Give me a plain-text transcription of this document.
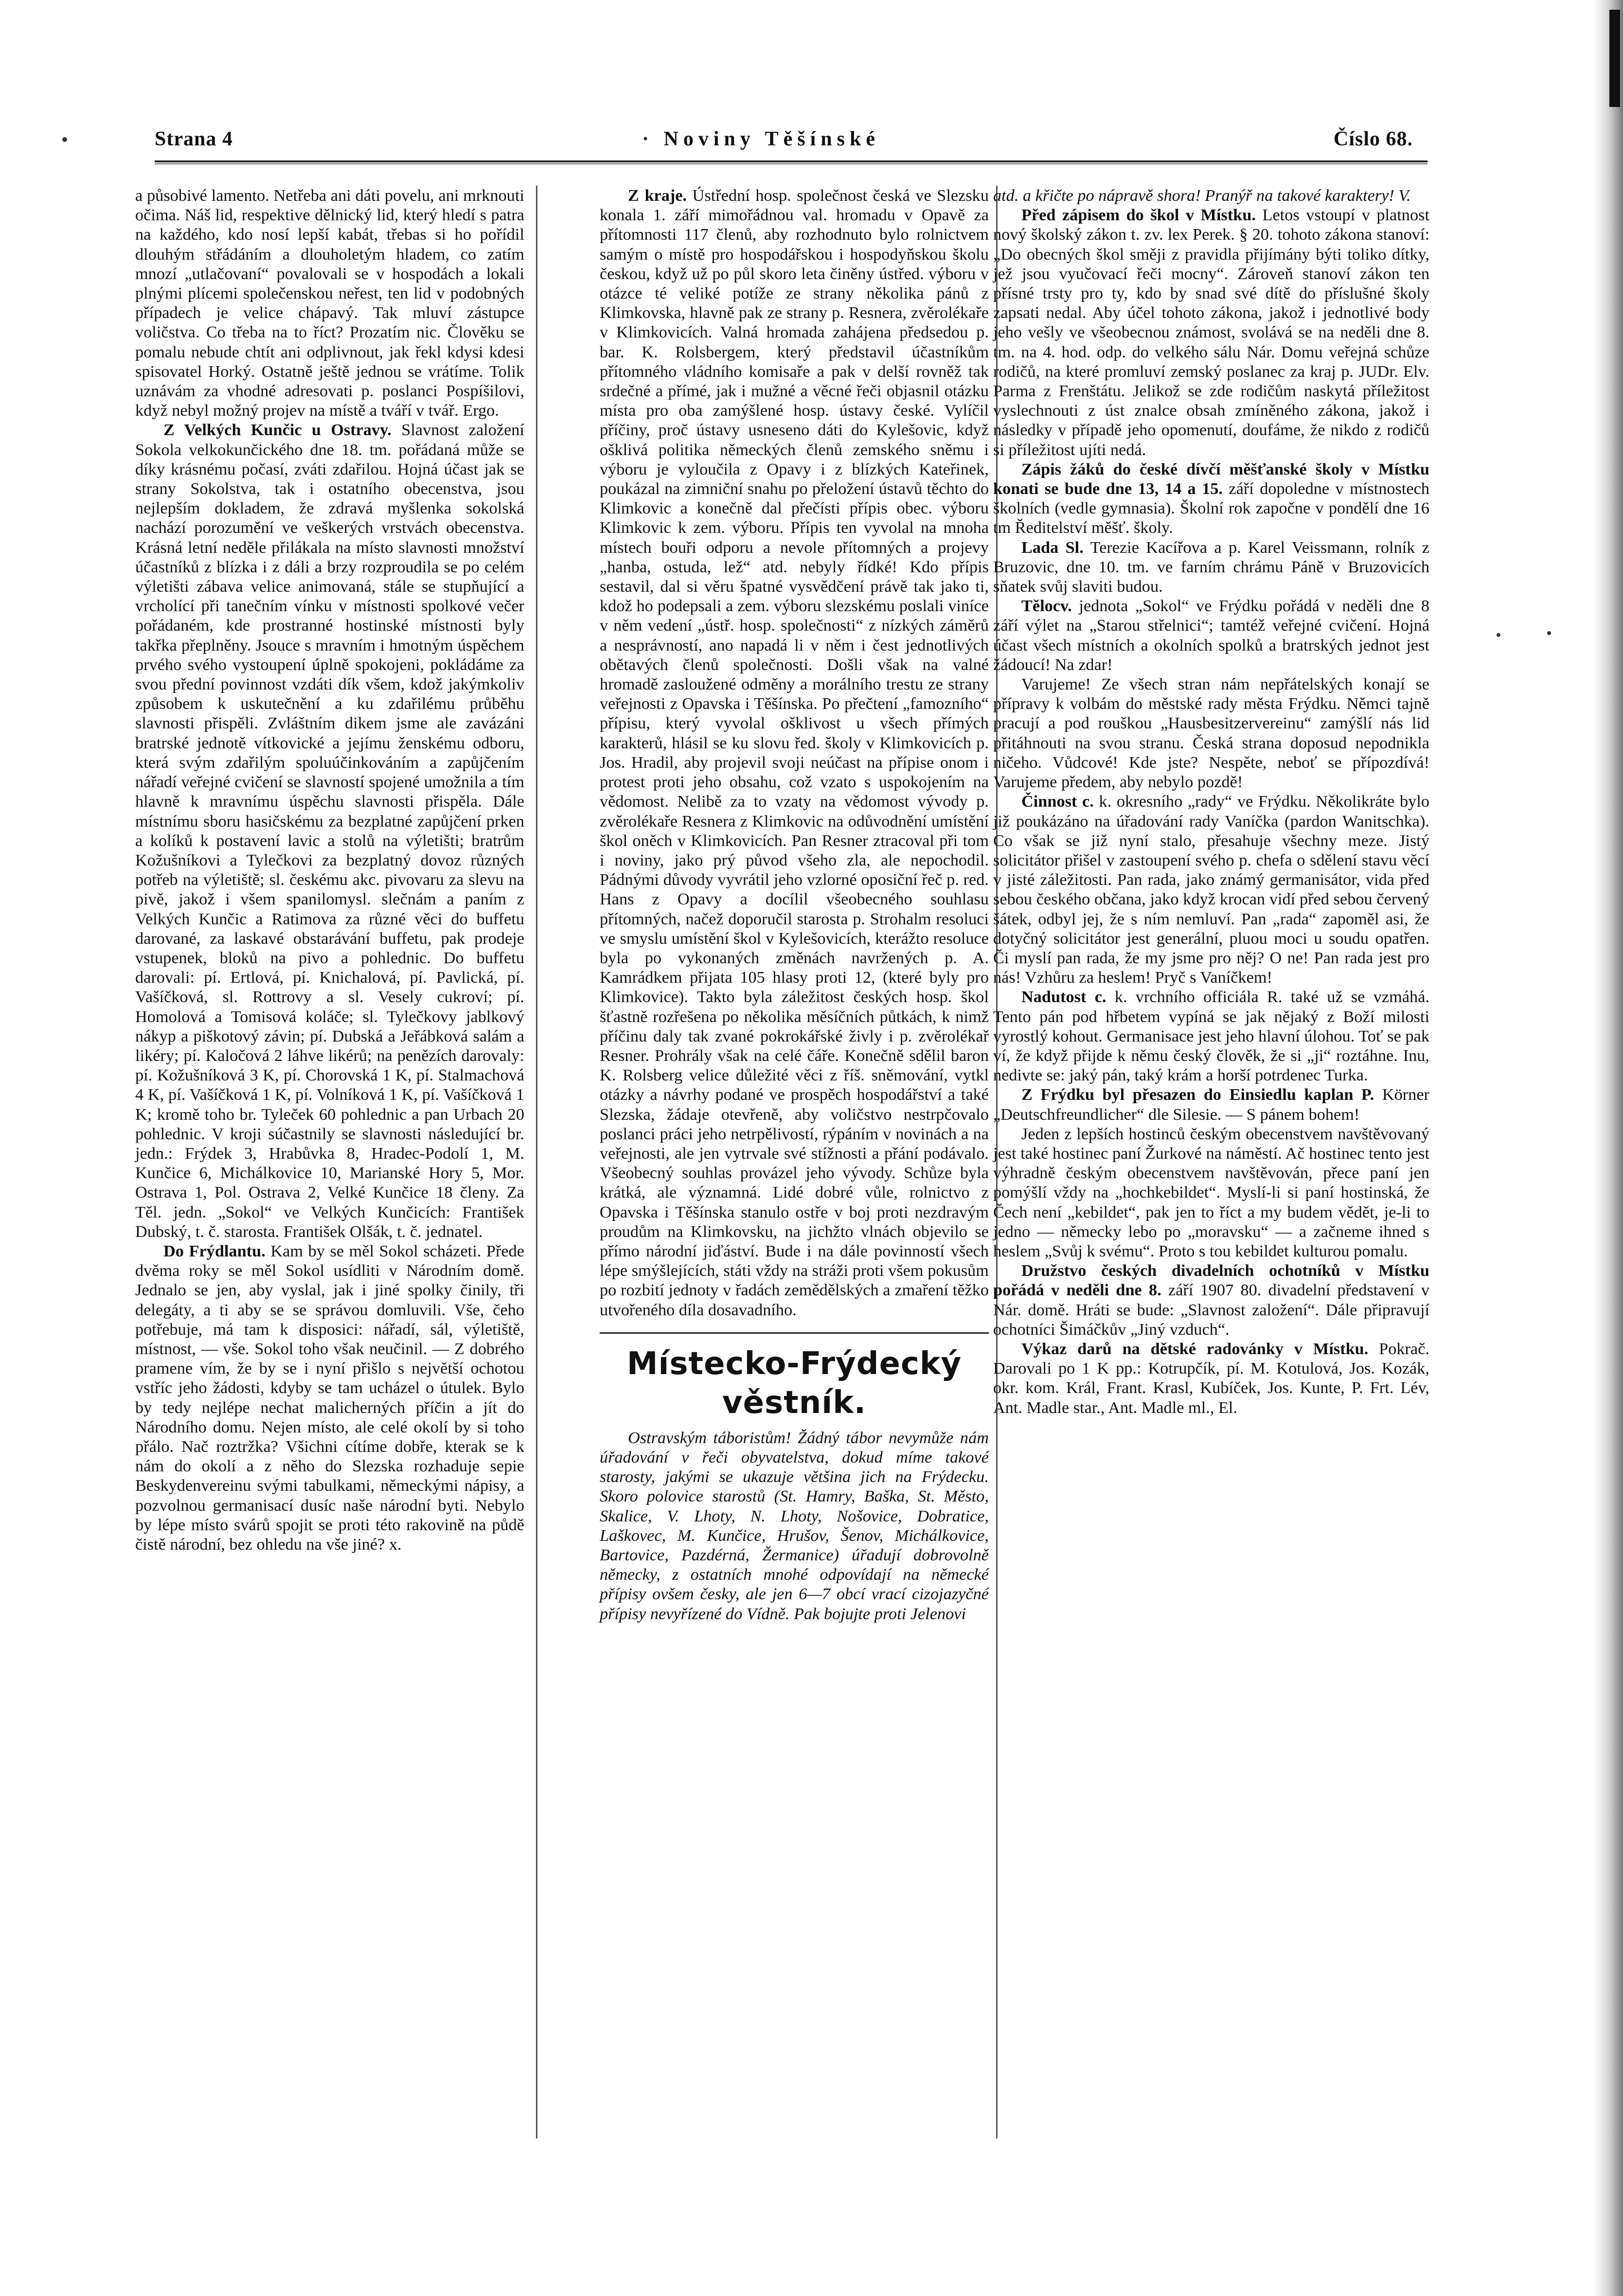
Strana 4	· Noviny Těšínské	Číslo 68.

a působivé lamento. Netřeba ani dáti povelu, ani mrknouti očima. Náš lid, respektive dělnický lid, který hledí s patra na každého, kdo nosí lepší kabát, třebas si ho pořídil dlouhým střádáním a dlouholetým hladem, co zatím mnozí „utlačovaní“ povalovali se v hospodách a lokali plnými plícemi společenskou neřest, ten lid v podobných případech je velice chápavý. Tak mluví zástupce voličstva. Co třeba na to říct? Prozatím nic. Člověku se pomalu nebude chtít ani odplivnout, jak řekl kdysi kdesi spisovatel Horký. Ostatně ještě jednou se vrátíme. Tolik uznávám za vhodné adresovati p. poslanci Pospíšilovi, když nebyl možný projev na místě a tváří v tvář. Ergo.

Z Velkých Kunčic u Ostravy. Slavnost založení Sokola velkokunčického dne 18. tm. pořádaná může se díky krásnému počasí, zváti zdařilou. Hojná účast jak se strany Sokolstva, tak i ostatního obecenstva, jsou nejlepším dokladem, že zdravá myšlenka sokolská nachází porozumění ve veškerých vrstvách obecenstva. Krásná letní neděle přilákala na místo slavnosti množství účastníků z blízka i z dáli a brzy rozproudila se po celém výletišti zábava velice animovaná, stále se stupňující a vrcholící při tanečním vínku v místnosti spolkové večer pořádaném, kde prostranné hostinské místnosti byly takřka přeplněny. Jsouce s mravním i hmotným úspěchem prvého svého vystoupení úplně spokojeni, pokládáme za svou přední povinnost vzdáti dík všem, kdož jakýmkoliv způsobem k uskutečnění a ku zdařilému průběhu slavnosti přispěli. Zvláštním dikem jsme ale zavázáni bratrské jednotě vítkovické a jejímu ženskému odboru, která svým zdařilým spoluúčinkováním a zapůjčením nářadí veřejné cvičení se slavností spojené umožnila a tím hlavně k mravnímu úspěchu slavnosti přispěla. Dále místnímu sboru hasičskému za bezplatné zapůjčení prken a kolíků k postavení lavic a stolů na výletišti; bratrům Kožušníkovi a Tylečkovi za bezplatný dovoz různých potřeb na výletiště; sl. českému akc. pivovaru za slevu na pivě, jakož i všem spanilomysl. slečnám a paním z Velkých Kunčic a Ratimova za různé věci do buffetu darované, za laskavé obstarávání buffetu, pak prodeje vstupenek, bloků na pivo a pohlednic. Do buffetu darovali: pí. Ertlová, pí. Knichalová, pí. Pavlická, pí. Vašíčková, sl. Rottrovy a sl. Vesely cukroví; pí. Homolová a Tomisová koláče; sl. Tylečkovy jablkový nákyp a piškotový závin; pí. Dubská a Jeřábková salám a likéry; pí. Kaločová 2 láhve likérů; na penězích darovaly: pí. Kožušníková 3 K, pí. Chorovská 1 K, pí. Stalmachová 4 K, pí. Vašíčková 1 K, pí. Volníková 1 K, pí. Vašíčková 1 K; kromě toho br. Tyleček 60 pohlednic a pan Urbach 20 pohlednic. V kroji súčastnily se slavnosti následující br. jedn.: Frýdek 3, Hrabůvka 8, Hradec-Podolí 1, M. Kunčice 6, Michálkovice 10, Marianské Hory 5, Mor. Ostrava 1, Pol. Ostrava 2, Velké Kunčice 18 členy. Za Těl. jedn. „Sokol“ ve Velkých Kunčicích: František Dubský, t. č. starosta. František Olšák, t. č. jednatel.

Do Frýdlantu. Kam by se měl Sokol scházeti. Přede dvěma roky se měl Sokol usídliti v Národním domě. Jednalo se jen, aby vyslal, jak i jiné spolky činily, tři delegáty, a ti aby se se správou domluvili. Vše, čeho potřebuje, má tam k disposici: nářadí, sál, výletiště, místnost, — vše. Sokol toho však neučinil. — Z dobrého pramene vím, že by se i nyní přišlo s největší ochotou vstříc jeho žádosti, kdyby se tam ucházel o útulek. Bylo by tedy nejlépe nechat malicherných příčin a jít do Národního domu. Nejen místo, ale celé okolí by si toho přálo. Nač roztržka? Všichni cítíme dobře, kterak se k nám do okolí a z něho do Slezska rozhaduje sepie Beskydenvereinu svými tabulkami, německými nápisy, a pozvolnou germanisací dusíc naše národní byti. Nebylo by lépe místo svárů spojit se proti této rakovině na půdě čistě národní, bez ohledu na vše jiné? x.

Z kraje. Ústřední hosp. společnost česká ve Slezsku konala 1. září mimořádnou val. hromadu v Opavě za přítomnosti 117 členů, aby rozhodnuto bylo rolnictvem samým o místě pro hospodářskou i hospodyňskou školu českou, když už po půl skoro leta činěny ústřed. výboru v otázce té veliké potíže ze strany několika pánů z Klimkovska, hlavně pak ze strany p. Resnera, zvěrolékaře v Klimkovicích. Valná hromada zahájena předsedou p. bar. K. Rolsbergem, který představil účastníkům přítomného vládního komisaře a pak v delší rovněž tak srdečné a přímé, jak i mužné a věcné řeči objasnil otázku místa pro oba zamýšlené hosp. ústavy české. Vylíčil příčiny, proč ústavy usneseno dáti do Kylešovic, když ošklivá politika německých členů zemského sněmu i výboru je vyloučila z Opavy i z blízkých Kateřinek, poukázal na zimniční snahu po přeložení ústavů těchto do Klimkovic a konečně dal přečísti přípis obec. výboru Klimkovic k zem. výboru. Přípis ten vyvolal na mnoha místech bouři odporu a nevole přítomných a projevy „hanba, ostuda, lež“ atd. nebyly řídké! Kdo přípis sestavil, dal si věru špatné vysvědčení právě tak jako ti, kdož ho podepsali a zem. výboru slezskému poslali viníce v něm vedení „ústř. hosp. společnosti“ z nízkých záměrů a nesprávností, ano napadá li v něm i čest jednotlivých obětavých členů společnosti. Došli však na valné hromadě zasloužené odměny a morálního trestu ze strany veřejnosti z Opavska i Těšínska. Po přečtení „famozního“ přípisu, který vyvolal ošklivost u všech přímých karakterů, hlásil se ku slovu řed. školy v Klimkovicích p. Jos. Hradil, aby projevil svoji neúčast na přípise onom i protest proti jeho obsahu, což vzato s uspokojením na vědomost. Nelibě za to vzaty na vědomost vývody p. zvěrolékaře Resnera z Klimkovic na odůvodnění umístění škol oněch v Klimkovicích. Pan Resner ztracoval při tom i noviny, jako prý původ všeho zla, ale nepochodil. Pádnými důvody vyvrátil jeho vzlorné oposiční řeč p. red. Hans z Opavy a docílil všeobecného souhlasu přítomných, načež doporučil starosta p. Strohalm resoluci ve smyslu umístění škol v Kylešovicích, kterážto resoluce byla po vykonaných změnách navržených p. A. Kamrádkem přijata 105 hlasy proti 12, (které byly pro Klimkovice). Takto byla záležitost českých hosp. škol šťastně rozřešena po několika měsíčních půtkách, k nimž příčinu daly tak zvané pokrokářské živly i p. zvěrolékař Resner. Prohrály však na celé čáře. Konečně sdělil baron K. Rolsberg velice důležité věci z říš. sněmování, vytkl otázky a návrhy podané ve prospěch hospodářství a také Slezska, žádaje otevřeně, aby voličstvo nestrpčovalo poslanci práci jeho netrpělivostí, rýpáním v novinách a na veřejnosti, ale jen vytrvale své stížnosti a přání podávalo. Všeobecný souhlas provázel jeho vývody. Schůze byla krátká, ale významná. Lidé dobré vůle, rolnictvo z Opavska i Těšínska stanulo ostře v boj proti nezdravým proudům na Klimkovsku, na jichžto vlnách objevilo se přímo národní jiďáství. Bude i na dále povinností všech lépe smýšlejících, státi vždy na stráži proti všem pokusům po rozbití jednoty v řadách zemědělských a zmaření těžko utvořeného díla dosavadního.

Místecko-Frýdecký věstník.

Ostravským táboristům! Žádný tábor nevymůže nám úřadování v řeči obyvatelstva, dokud míme takové starosty, jakými se ukazuje většina jich na Frýdecku. Skoro polovice starostů (St. Hamry, Baška, St. Město, Skalice, V. Lhoty, N. Lhoty, Nošovice, Dobratice, Laškovec, M. Kunčice, Hrušov, Šenov, Michálkovice, Bartovice, Pazdérná, Žermanice) úřadují dobrovolně německy, z ostatních mnohé odpovídají na německé přípisy ovšem česky, ale jen 6—7 obcí vrací cizojazyčné přípisy nevyřízené do Vídně. Pak bojujte proti Jelenovi

atd. a křičte po nápravě shora! Pranýř na takové karaktery! V.

Před zápisem do škol v Místku. Letos vstoupí v platnost nový školský zákon t. zv. lex Perek. § 20. tohoto zákona stanoví: „Do obecných škol směji z pravidla přijímány býti toliko dítky, jež jsou vyučovací řeči mocny“. Zároveň stanoví zákon ten přísné trsty pro ty, kdo by snad své dítě do příslušné školy zapsati nedal. Aby účel tohoto zákona, jakož i jednotlivé body jeho vešly ve všeobecnou známost, svolává se na neděli dne 8. tm. na 4. hod. odp. do velkého sálu Nár. Domu veřejná schůze rodičů, na které promluví zemský poslanec za kraj p. JUDr. Elv. Parma z Frenštátu. Jelikož se zde rodičům naskytá příležitost vyslechnouti z úst znalce obsah zmíněného zákona, jakož i následky v případě jeho opomenutí, doufáme, že nikdo z rodičů si příležitost ujíti nedá.

Zápis žáků do české dívčí měšťanské školy v Místku konati se bude dne 13, 14 a 15. září dopoledne v místnostech školních (vedle gymnasia). Školní rok započne v pondělí dne 16 tm Ředitelství měšť. školy.

Lada Sl. Terezie Kacířova a p. Karel Veissmann, rolník z Bruzovic, dne 10. tm. ve farním chrámu Páně v Bruzovicích sňatek svůj slaviti budou.

Tělocv. jednota „Sokol“ ve Frýdku pořádá v neděli dne 8 září výlet na „Starou střelnici“; tamtéž veřejné cvičení. Hojná účast všech místních a okolních spolků a bratrských jednot jest žádoucí! Na zdar!

Varujeme! Ze všech stran nám nepřátelských konají se přípravy k volbám do městské rady města Frýdku. Němci tajně pracují a pod rouškou „Hausbesitzervereinu“ zamýšlí nás lid přitáhnouti na svou stranu. Česká strana doposud nepodnikla ničeho. Vůdcové! Kde jste? Nespěte, neboť se přípozdívá! Varujeme předem, aby nebylo pozdě!

Činnost c. k. okresního „rady“ ve Frýdku. Několikráte bylo již poukázáno na úřadování rady Vaníčka (pardon Wanitschka). Co však se již nyní stalo, přesahuje všechny meze. Jistý solicitátor přišel v zastoupení svého p. chefa o sdělení stavu věcí v jisté záležitosti. Pan rada, jako známý germanisátor, vida před sebou českého občana, jako když krocan vidí před sebou červený šátek, odbyl jej, že s ním nemluví. Pan „rada“ zapoměl asi, že dotyčný solicitátor jest generální, pluou moci u soudu opatřen. Či myslí pan rada, že my jsme pro něj? O ne! Pan rada jest pro nás! Vzhůru za heslem! Pryč s Vaníčkem!

Nadutost c. k. vrchního officiála R. také už se vzmáhá. Tento pán pod hřbetem vypíná se jak nějaký z Boží milosti vyrostlý kohout. Germanisace jest jeho hlavní úlohou. Toť se pak ví, že když přijde k němu český člověk, že si „ji“ roztáhne. Inu, nedivte se: jaký pán, taký krám a horší potrdenec Turka.

Z Frýdku byl přesazen do Einsiedlu kaplan P. Körner „Deutschfreundlicher“ dle Silesie. — S pánem bohem!

Jeden z lepších hostinců českým obecenstvem navštěvovaný jest také hostinec paní Žurkové na náměstí. Ač hostinec tento jest výhradně českým obecenstvem navštěvován, přece paní jen pomýšlí vždy na „hochkebildet“. Myslí-li si paní hostinská, že Čech není „kebildet“, pak jen to říct a my budem vědět, je-li to jedno — německy lebo po „moravsku“ — a začneme ihned s heslem „Svůj k svému“. Proto s tou kebildet kulturou pomalu.

Družstvo českých divadelních ochotníků v Místku pořádá v neděli dne 8. září 1907 80. divadelní představení v Nár. domě. Hráti se bude: „Slavnost založení“. Dále připravují ochotníci Šimáčkův „Jiný vzduch“.

Výkaz darů na dětské radovánky v Místku. Pokrač. Darovali po 1 K pp.: Kotrupčík, pí. M. Kotulová, Jos. Kozák, okr. kom. Král, Frant. Krasl, Kubíček, Jos. Kunte, P. Frt. Lév, Ant. Madle star., Ant. Madle ml., El.
